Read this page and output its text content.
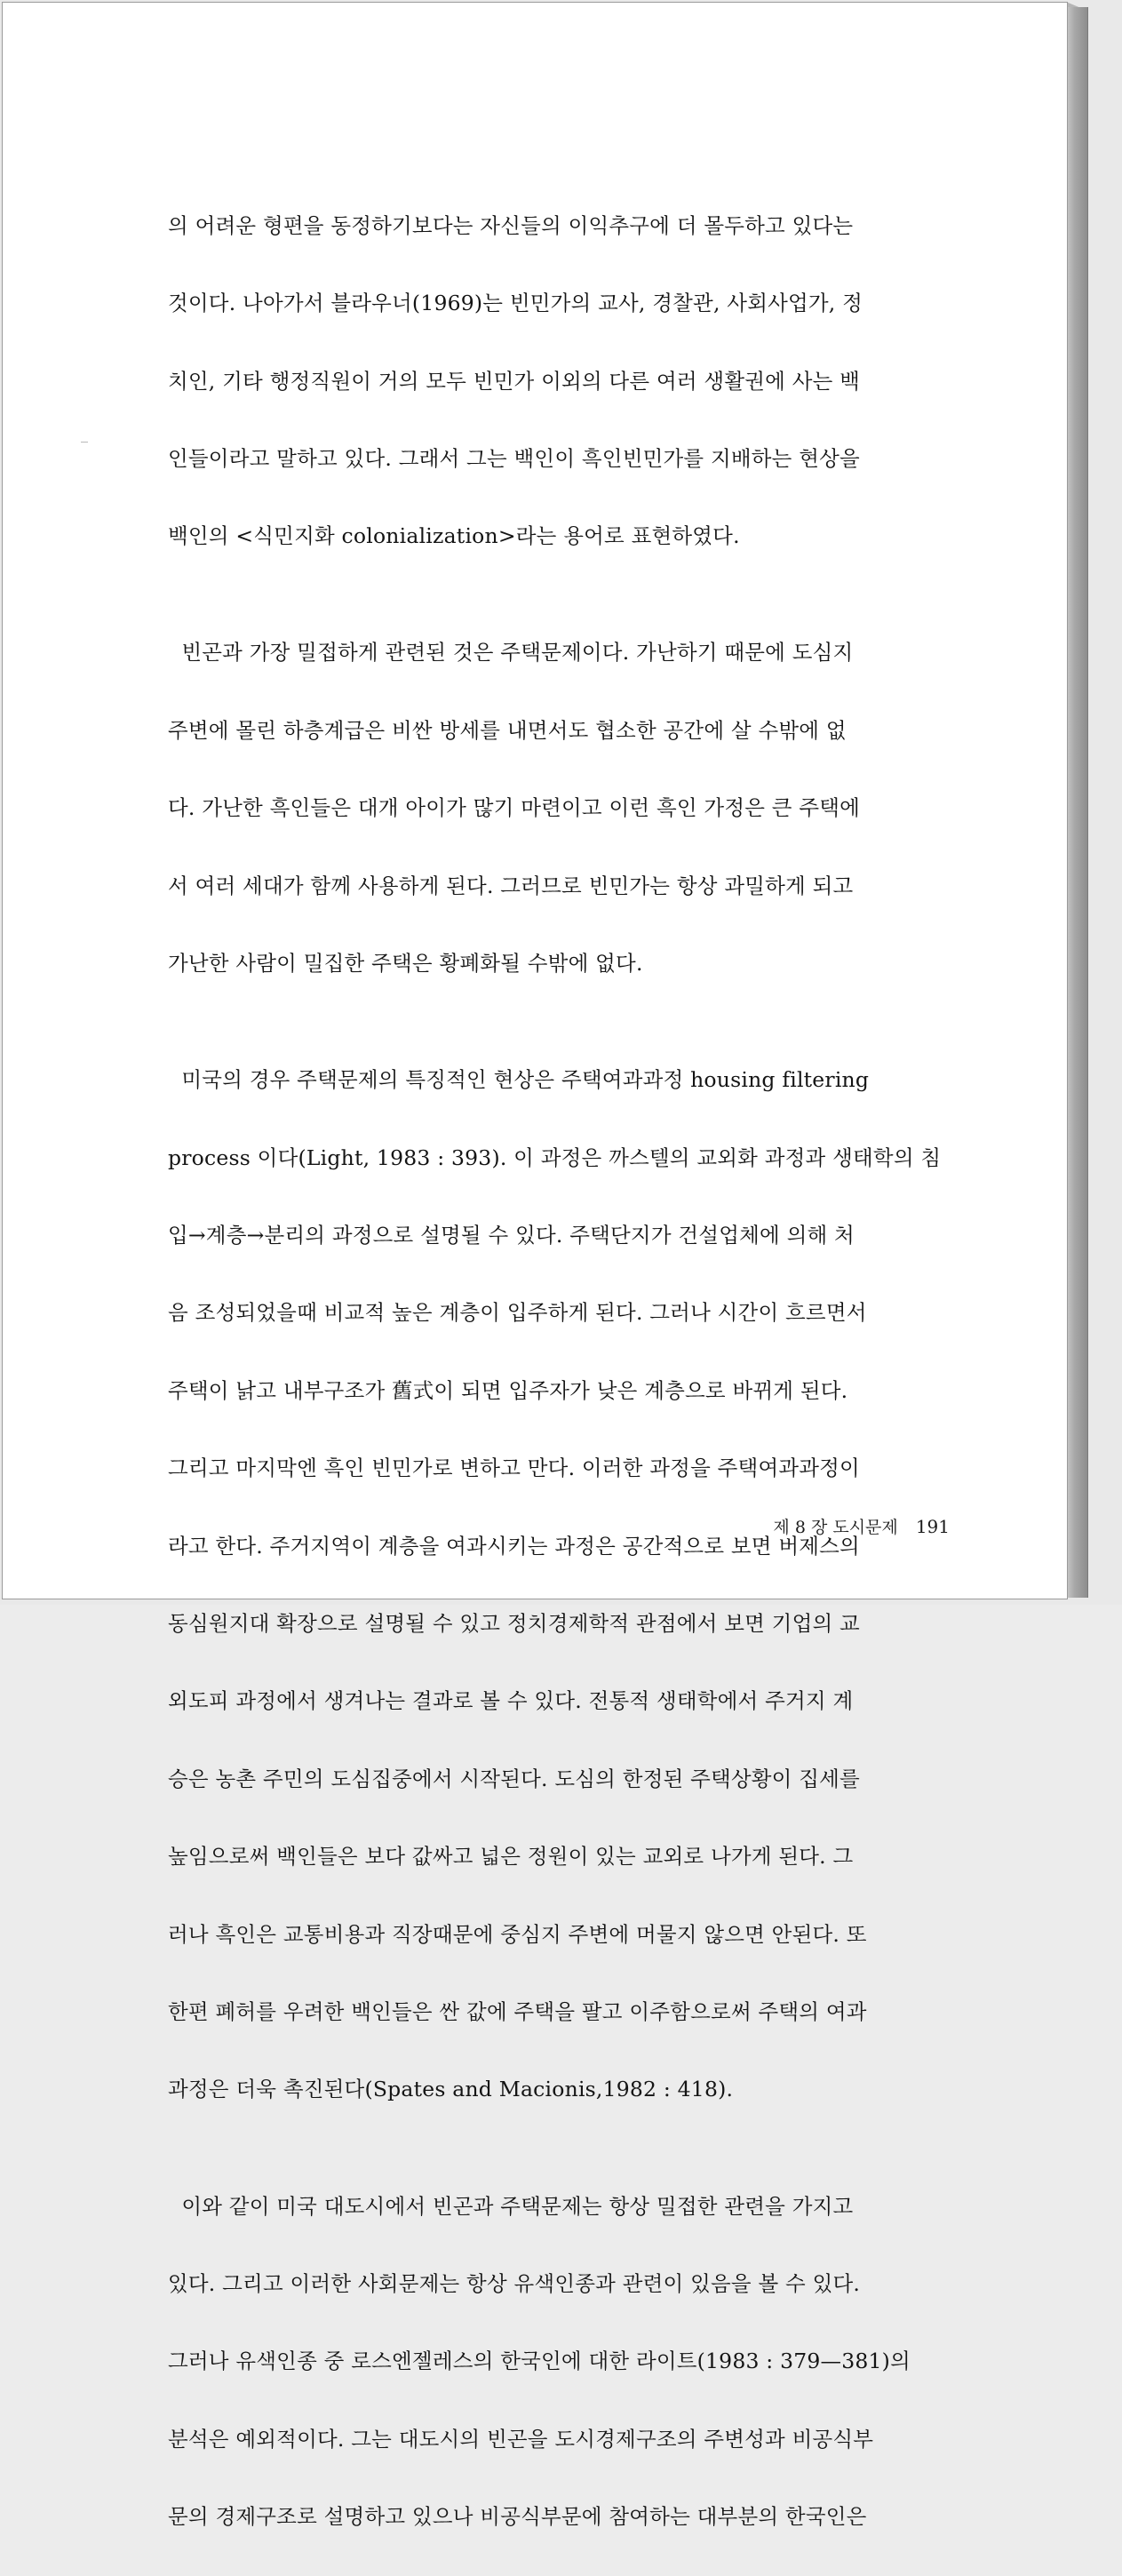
의 어려운 형편을 동정하기보다는 자신들의 이익추구에 더 몰두하고 있다는

것이다. 나아가서 블라우너(1969)는 빈민가의 교사, 경찰관, 사회사업가, 정

치인, 기타 행정직원이 거의 모두 빈민가 이외의 다른 여러 생활권에 사는 백

인들이라고 말하고 있다. 그래서 그는 백인이 흑인빈민가를 지배하는 현상을

백인의 <식민지화 colonialization>라는 용어로 표현하였다.

빈곤과 가장 밀접하게 관련된 것은 주택문제이다. 가난하기 때문에 도심지

주변에 몰린 하층계급은 비싼 방세를 내면서도 협소한 공간에 살 수밖에 없

다. 가난한 흑인들은 대개 아이가 많기 마련이고 이런 흑인 가정은 큰 주택에

서 여러 세대가 함께 사용하게 된다. 그러므로 빈민가는 항상 과밀하게 되고

가난한 사람이 밀집한 주택은 황폐화될 수밖에 없다.

미국의 경우 주택문제의 특징적인 현상은 주택여과과정 housing filtering

process 이다(Light, 1983 : 393). 이 과정은 까스텔의 교외화 과정과 생태학의 침

입→계층→분리의 과정으로 설명될 수 있다. 주택단지가 건설업체에 의해 처

음 조성되었을때 비교적 높은 계층이 입주하게 된다. 그러나 시간이 흐르면서

주택이 낡고 내부구조가 舊式이 되면 입주자가 낮은 계층으로 바뀌게 된다.

그리고 마지막엔 흑인 빈민가로 변하고 만다. 이러한 과정을 주택여과과정이

라고 한다. 주거지역이 계층을 여과시키는 과정은 공간적으로 보면 버제스의

동심원지대 확장으로 설명될 수 있고 정치경제학적 관점에서 보면 기업의 교

외도피 과정에서 생겨나는 결과로 볼 수 있다. 전통적 생태학에서 주거지 계

승은 농촌 주민의 도심집중에서 시작된다. 도심의 한정된 주택상황이 집세를

높임으로써 백인들은 보다 값싸고 넓은 정원이 있는 교외로 나가게 된다. 그

러나 흑인은 교통비용과 직장때문에 중심지 주변에 머물지 않으면 안된다. 또

한편 폐허를 우려한 백인들은 싼 값에 주택을 팔고 이주함으로써 주택의 여과

과정은 더욱 촉진된다(Spates and Macionis,1982 : 418).

이와 같이 미국 대도시에서 빈곤과 주택문제는 항상 밀접한 관련을 가지고

있다. 그리고 이러한 사회문제는 항상 유색인종과 관련이 있음을 볼 수 있다.

그러나 유색인종 중 로스엔젤레스의 한국인에 대한 라이트(1983 : 379—381)의

분석은 예외적이다. 그는 대도시의 빈곤을 도시경제구조의 주변성과 비공식부

문의 경제구조로 설명하고 있으나 비공식부문에 참여하는 대부분의 한국인은

제 8 장 도시문제 191
